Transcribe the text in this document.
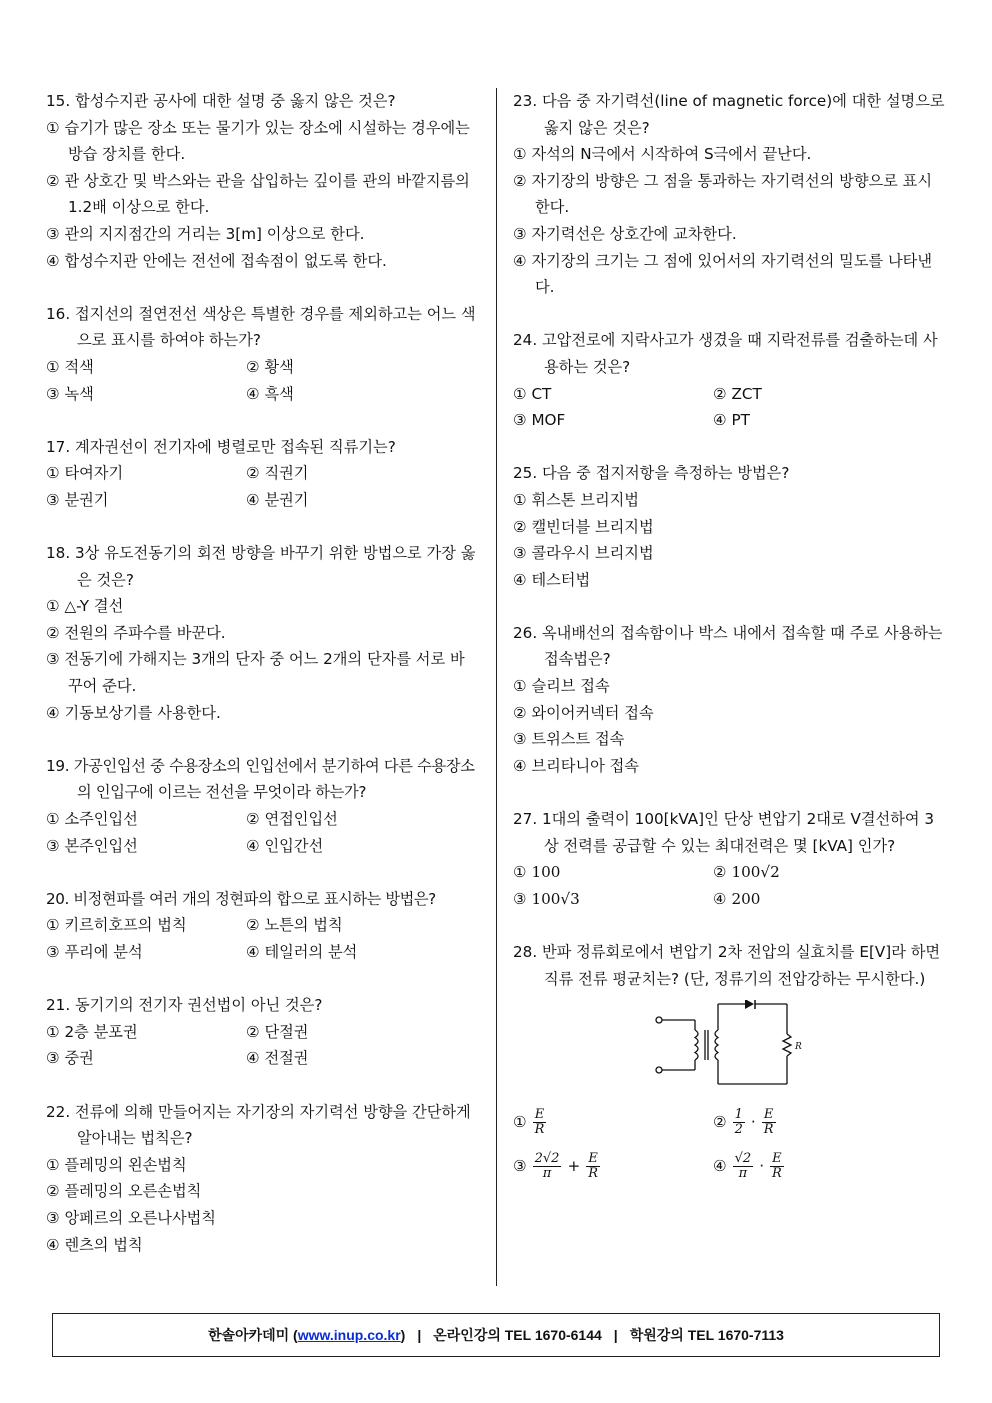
15. 합성수지관 공사에 대한 설명 중 옳지 않은 것은?
① 습기가 많은 장소 또는 물기가 있는 장소에 시설하는 경우에는 방습 장치를 한다.
② 관 상호간 및 박스와는 관을 삽입하는 깊이를 관의 바깥지름의 1.2배 이상으로 한다.
③ 관의 지지점간의 거리는 3[m] 이상으로 한다.
④ 합성수지관 안에는 전선에 접속점이 없도록 한다.
16. 접지선의 절연전선 색상은 특별한 경우를 제외하고는 어느 색으로 표시를 하여야 하는가?
① 적색	② 황색
③ 녹색	④ 흑색
17. 계자권선이 전기자에 병렬로만 접속된 직류기는?
① 타여자기	② 직권기
③ 분권기	④ 분권기
18. 3상 유도전동기의 회전 방향을 바꾸기 위한 방법으로 가장 옳은 것은?
① △-Y 결선
② 전원의 주파수를 바꾼다.
③ 전동기에 가해지는 3개의 단자 중 어느 2개의 단자를 서로 바꾸어 준다.
④ 기동보상기를 사용한다.
19. 가공인입선 중 수용장소의 인입선에서 분기하여 다른 수용장소의 인입구에 이르는 전선을 무엇이라 하는가?
① 소주인입선	② 연접인입선
③ 본주인입선	④ 인입간선
20. 비정현파를 여러 개의 정현파의 합으로 표시하는 방법은?
① 키르히호프의 법칙	② 노튼의 법칙
③ 푸리에 분석	④ 테일러의 분석
21. 동기기의 전기자 권선법이 아닌 것은?
① 2층 분포권	② 단절권
③ 중권	④ 전절권
22. 전류에 의해 만들어지는 자기장의 자기력선 방향을 간단하게 알아내는 법칙은?
① 플레밍의 왼손법칙
② 플레밍의 오른손법칙
③ 앙페르의 오른나사법칙
④ 렌츠의 법칙
23. 다음 중 자기력선(line of magnetic force)에 대한 설명으로 옳지 않은 것은?
① 자석의 N극에서 시작하여 S극에서 끝난다.
② 자기장의 방향은 그 점을 통과하는 자기력선의 방향으로 표시한다.
③ 자기력선은 상호간에 교차한다.
④ 자기장의 크기는 그 점에 있어서의 자기력선의 밀도를 나타낸다.
24. 고압전로에 지락사고가 생겼을 때 지락전류를 검출하는데 사용하는 것은?
① CT	② ZCT
③ MOF	④ PT
25. 다음 중 접지저항을 측정하는 방법은?
① 휘스톤 브리지법
② 캘빈더블 브리지법
③ 콜라우시 브리지법
④ 테스터법
26. 옥내배선의 접속함이나 박스 내에서 접속할 때 주로 사용하는 접속법은?
① 슬리브 접속
② 와이어커넥터 접속
③ 트위스트 접속
④ 브리타니아 접속
27. 1대의 출력이 100[kVA]인 단상 변압기 2대로 V결선하여 3상 전력를 공급할 수 있는 최대전력은 몇 [kVA] 인가?
① 100	② 100√2
③ 100√3	④ 200
28. 반파 정류회로에서 변압기 2차 전압의 실효치를 E[V]라 하면 직류 전류 평균치는? (단, 정류기의 전압강하는 무시한다.)
R
① $\frac{E}{R}$	② $\frac{1}{2} \cdot \frac{E}{R}$
③ $\frac{2√2}{\pi} + \frac{E}{R}$	④ $\frac{√2}{\pi} \cdot \frac{E}{R}$
한솔아카데미 ( www.inup.co.kr ) | 온라인강의 TEL 1670-6144 | 학원강의 TEL 1670-7113
